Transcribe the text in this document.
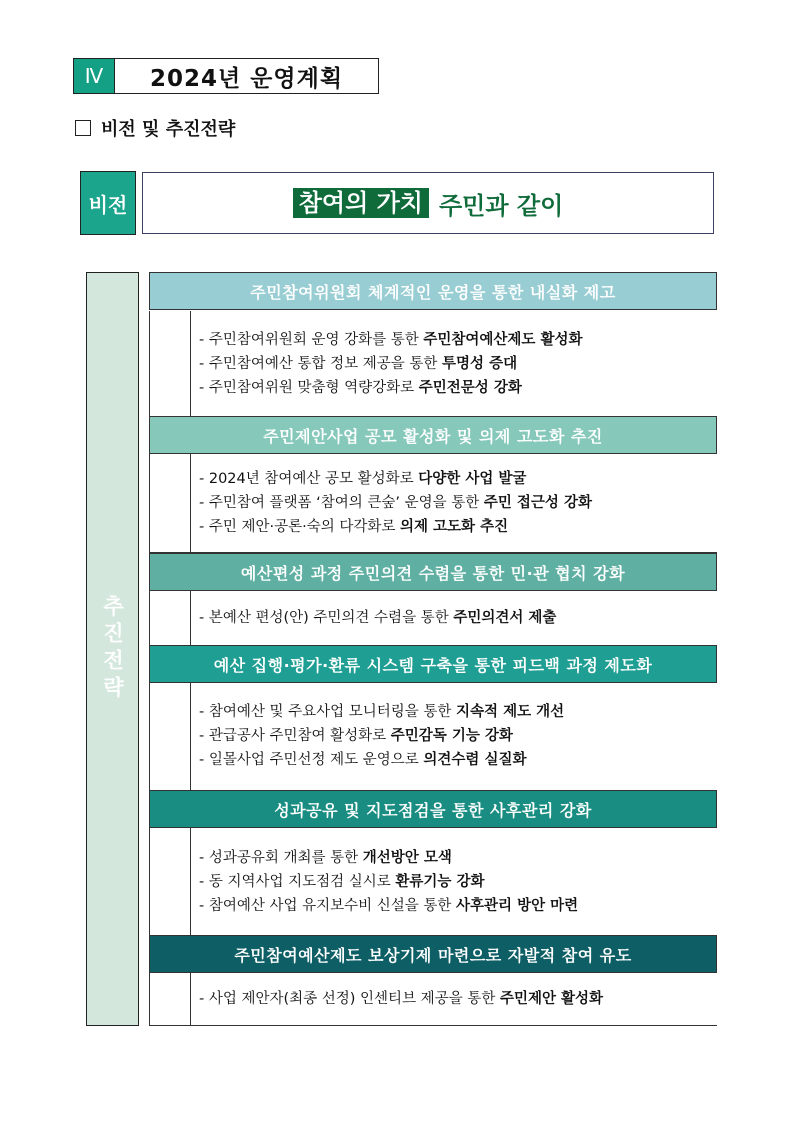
Ⅳ	2024년 운영계획
비전 및 추진전략
비전	참여의 가치 주민과 같이
추진전략
주민참여위원회 체계적인 운영을 통한 내실화 제고
- 주민참여위원회 운영 강화를 통한 주민참여예산제도 활성화
- 주민참여예산 통합 정보 제공을 통한 투명성 증대
- 주민참여위원 맞춤형 역량강화로 주민전문성 강화
주민제안사업 공모 활성화 및 의제 고도화 추진
- 2024년 참여예산 공모 활성화로 다양한 사업 발굴
- 주민참여 플랫폼 ‘참여의 큰숲’ 운영을 통한 주민 접근성 강화
- 주민 제안·공론·숙의 다각화로 의제 고도화 추진
예산편성 과정 주민의견 수렴을 통한 민·관 협치 강화
- 본예산 편성(안) 주민의견 수렴을 통한 주민의견서 제출
예산 집행·평가·환류 시스템 구축을 통한 피드백 과정 제도화
- 참여예산 및 주요사업 모니터링을 통한 지속적 제도 개선
- 관급공사 주민참여 활성화로 주민감독 기능 강화
- 일몰사업 주민선정 제도 운영으로 의견수렴 실질화
성과공유 및 지도점검을 통한 사후관리 강화
- 성과공유회 개최를 통한 개선방안 모색
- 동 지역사업 지도점검 실시로 환류기능 강화
- 참여예산 사업 유지보수비 신설을 통한 사후관리 방안 마련
주민참여예산제도 보상기제 마련으로 자발적 참여 유도
- 사업 제안자(최종 선정) 인센티브 제공을 통한 주민제안 활성화
